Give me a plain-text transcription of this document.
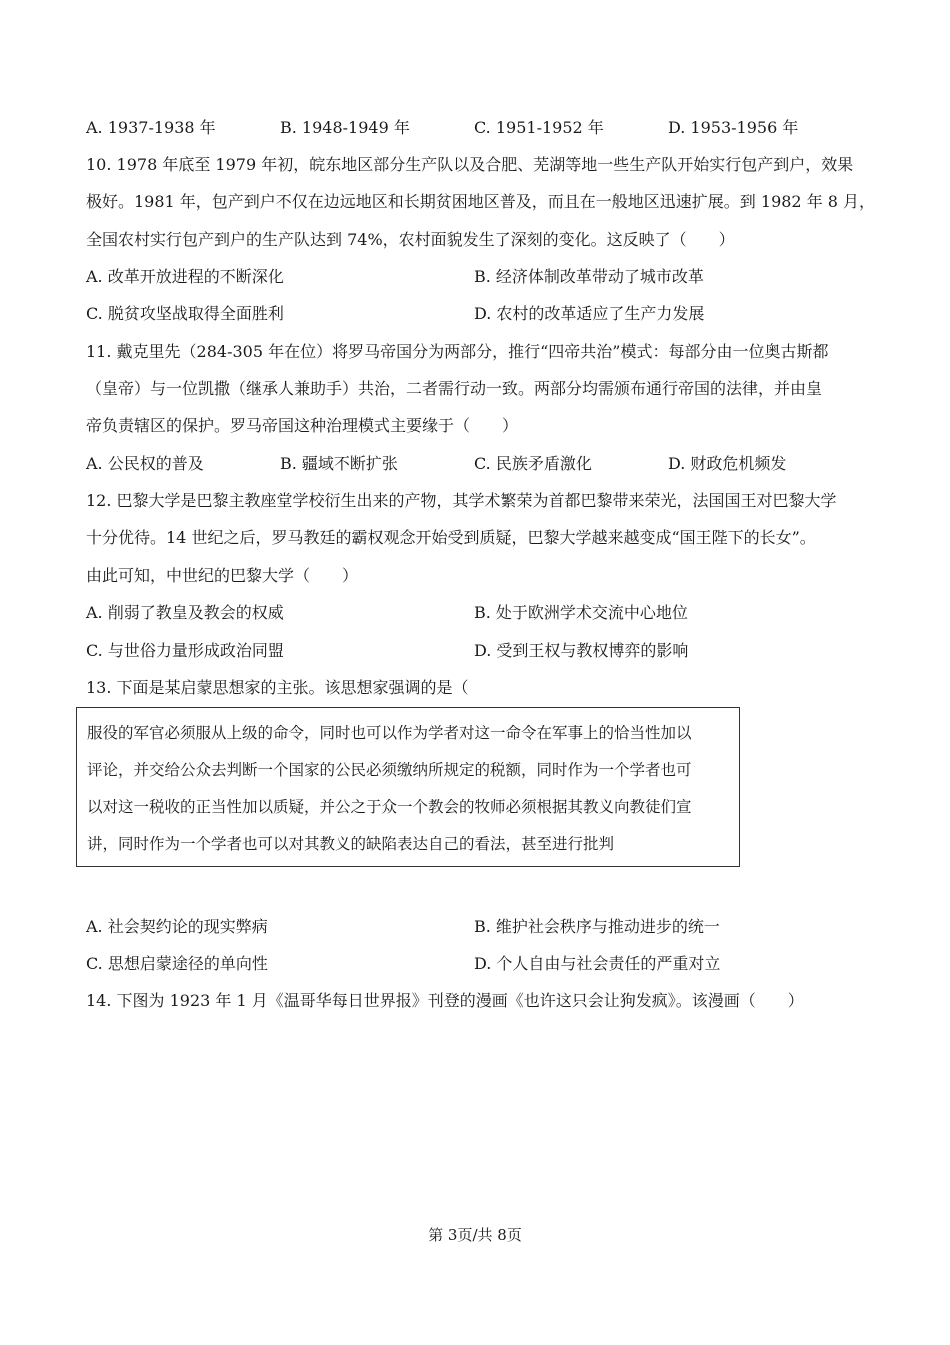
A. 1937-1938 年	B. 1948-1949 年	C. 1951-1952 年	D. 1953-1956 年
10. 1978 年底至 1979 年初，皖东地区部分生产队以及合肥、芜湖等地一些生产队开始实行包产到户，效果
极好。1981 年，包产到户不仅在边远地区和长期贫困地区普及，而且在一般地区迅速扩展。到 1982 年 8 月，
全国农村实行包产到户的生产队达到 74%，农村面貌发生了深刻的变化。这反映了（　　）
A. 改革开放进程的不断深化	B. 经济体制改革带动了城市改革
C. 脱贫攻坚战取得全面胜利	D. 农村的改革适应了生产力发展
11. 戴克里先（284-305 年在位）将罗马帝国分为两部分，推行“四帝共治”模式：每部分由一位奥古斯都
（皇帝）与一位凯撒（继承人兼助手）共治，二者需行动一致。两部分均需颁布通行帝国的法律，并由皇
帝负责辖区的保护。罗马帝国这种治理模式主要缘于（　　）
A. 公民权的普及	B. 疆域不断扩张	C. 民族矛盾激化	D. 财政危机频发
12. 巴黎大学是巴黎主教座堂学校衍生出来的产物，其学术繁荣为首都巴黎带来荣光，法国国王对巴黎大学
十分优待。14 世纪之后，罗马教廷的霸权观念开始受到质疑，巴黎大学越来越变成“国王陛下的长女”。
由此可知，中世纪的巴黎大学（　　）
A. 削弱了教皇及教会的权威	B. 处于欧洲学术交流中心地位
C. 与世俗力量形成政治同盟	D. 受到王权与教权博弈的影响
13. 下面是某启蒙思想家的主张。该思想家强调的是（
服役的军官必须服从上级的命令，同时也可以作为学者对这一命令在军事上的恰当性加以
评论，并交给公众去判断一个国家的公民必须缴纳所规定的税额，同时作为一个学者也可
以对这一税收的正当性加以质疑，并公之于众一个教会的牧师必须根据其教义向教徒们宣
讲，同时作为一个学者也可以对其教义的缺陷表达自己的看法，甚至进行批判
A. 社会契约论的现实弊病	B. 维护社会秩序与推动进步的统一
C. 思想启蒙途径的单向性	D. 个人自由与社会责任的严重对立
14. 下图为 1923 年 1 月《温哥华每日世界报》刊登的漫画《也许这只会让狗发疯》。该漫画（　　）
第 3页/共 8页
